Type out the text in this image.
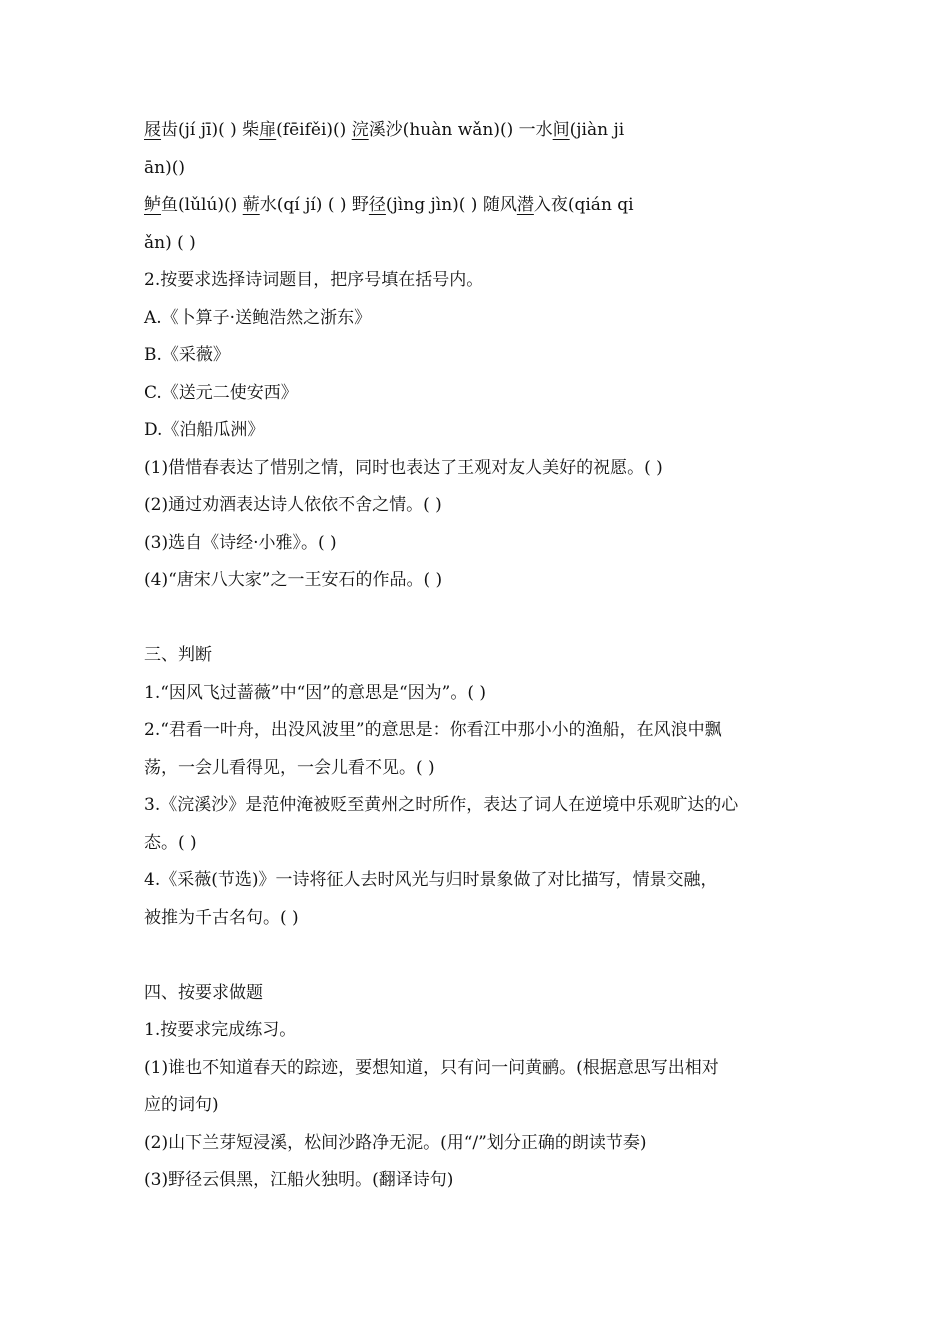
屐齿(jí jī)( ) 柴扉(fēifěi)() 浣溪沙(huàn wǎn)() 一水间(jiàn ji
ān)()
鲈鱼(lǔlú)() 蕲水(qí jí) ( ) 野径(jìng jìn)( ) 随风潜入夜(qián qi
ǎn) ( )
2.按要求选择诗词题目，把序号填在括号内。
A.《卜算子·送鲍浩然之浙东》
B.《采薇》
C.《送元二使安西》
D.《泊船瓜洲》
(1)借惜春表达了惜别之情，同时也表达了王观对友人美好的祝愿。( )
(2)通过劝酒表达诗人依依不舍之情。( )
(3)选自《诗经·小雅》。( )
(4)“唐宋八大家”之一王安石的作品。( )
三、判断
1.“因风飞过蔷薇”中“因”的意思是“因为”。( )
2.“君看一叶舟，出没风波里”的意思是：你看江中那小小的渔船，在风浪中飘
荡，一会儿看得见，一会儿看不见。( )
3.《浣溪沙》是范仲淹被贬至黄州之时所作，表达了词人在逆境中乐观旷达的心
态。( )
4.《采薇(节选)》一诗将征人去时风光与归时景象做了对比描写，情景交融，
被推为千古名句。( )
四、按要求做题
1.按要求完成练习。
(1)谁也不知道春天的踪迹，要想知道，只有问一问黄鹂。(根据意思写出相对
应的词句)
(2)山下兰芽短浸溪，松间沙路净无泥。(用“/”划分正确的朗读节奏)
(3)野径云俱黑，江船火独明。(翻译诗句)
